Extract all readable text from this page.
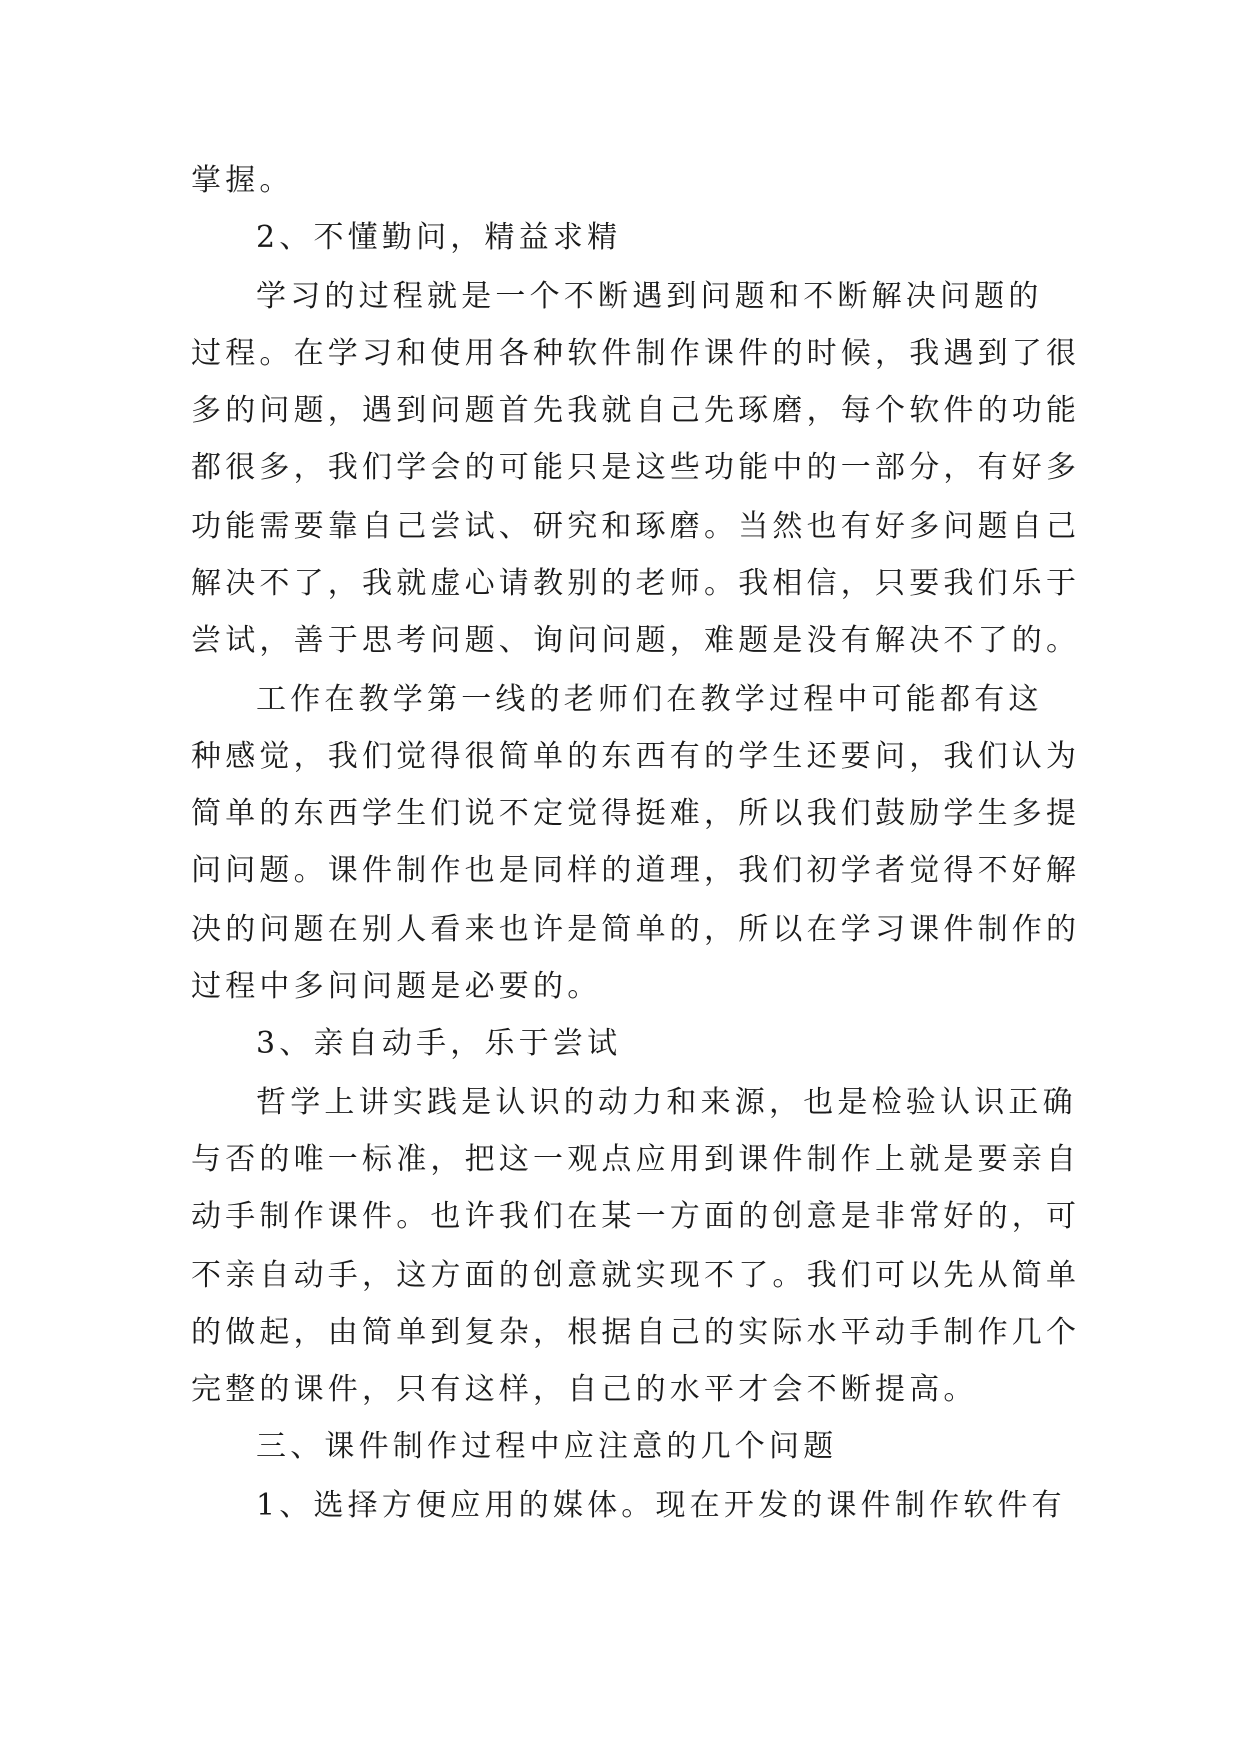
掌握。
2、不懂勤问，精益求精
学习的过程就是一个不断遇到问题和不断解决问题的
过程。在学习和使用各种软件制作课件的时候，我遇到了很
多的问题，遇到问题首先我就自己先琢磨，每个软件的功能
都很多，我们学会的可能只是这些功能中的一部分，有好多
功能需要靠自己尝试、研究和琢磨。当然也有好多问题自己
解决不了，我就虚心请教别的老师。我相信，只要我们乐于
尝试，善于思考问题、询问问题，难题是没有解决不了的。
工作在教学第一线的老师们在教学过程中可能都有这
种感觉，我们觉得很简单的东西有的学生还要问，我们认为
简单的东西学生们说不定觉得挺难，所以我们鼓励学生多提
问问题。课件制作也是同样的道理，我们初学者觉得不好解
决的问题在别人看来也许是简单的，所以在学习课件制作的
过程中多问问题是必要的。
3、亲自动手，乐于尝试
哲学上讲实践是认识的动力和来源，也是检验认识正确
与否的唯一标准，把这一观点应用到课件制作上就是要亲自
动手制作课件。也许我们在某一方面的创意是非常好的，可
不亲自动手，这方面的创意就实现不了。我们可以先从简单
的做起，由简单到复杂，根据自己的实际水平动手制作几个
完整的课件，只有这样，自己的水平才会不断提高。
三、课件制作过程中应注意的几个问题
1、选择方便应用的媒体。现在开发的课件制作软件有
